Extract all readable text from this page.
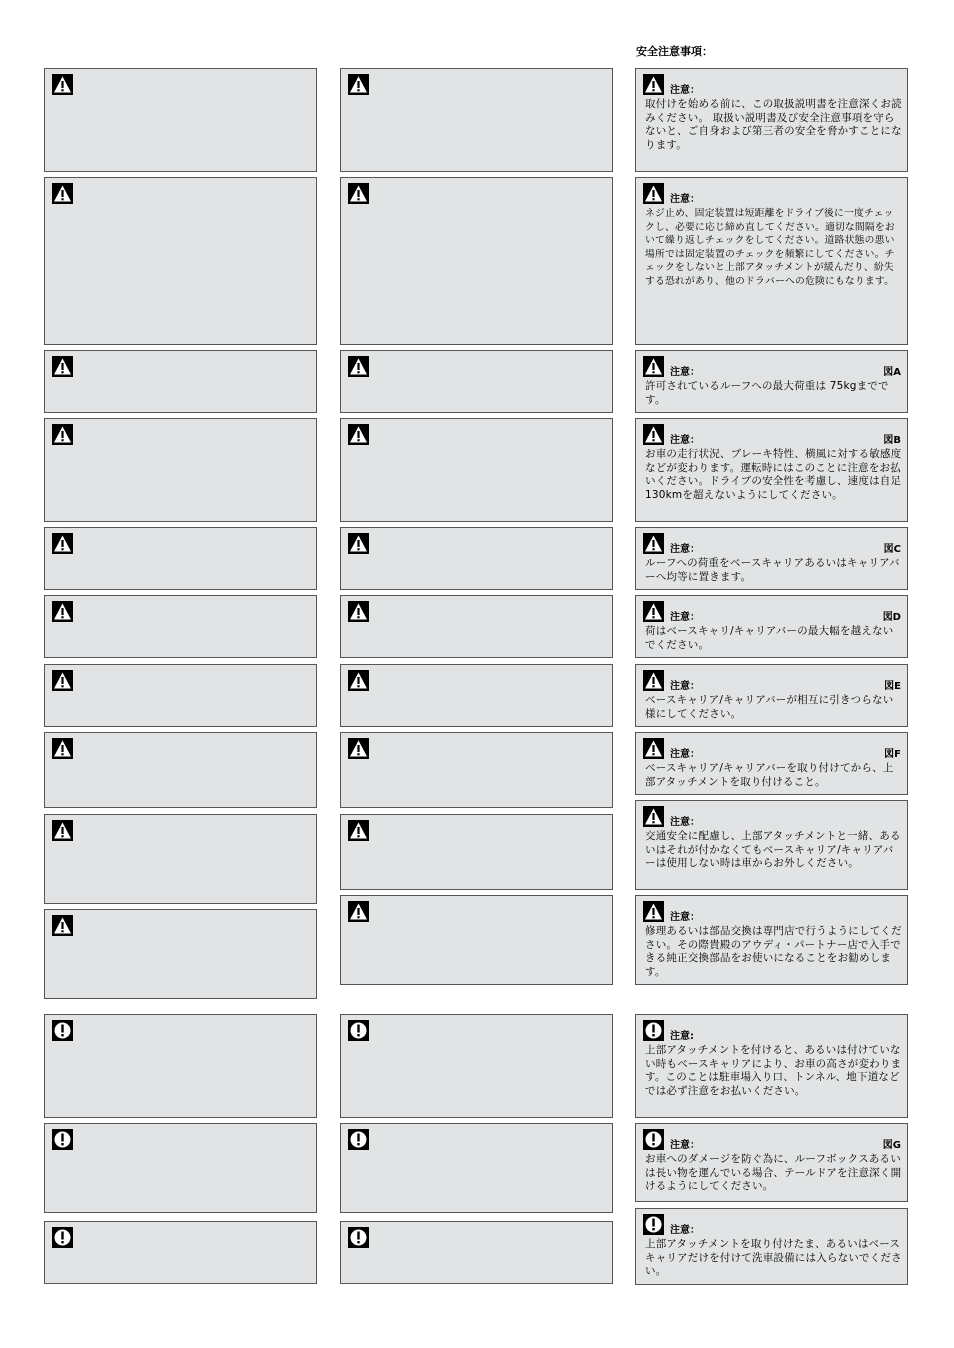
安全注意事項：
注意：
取付けを始める前に、この取扱説明書を注意深くお読みください。 取扱い説明書及び安全注意事項を守らないと、ご自身および第三者の安全を脅かすことになります。
注意：
ネジ止め、固定装置は短距離をドライブ後に一度チェックし、必要に応じ締め直してください。適切な間隔をおいて繰り返しチェックをしてください。道路状態の悪い場所では固定装置のチェックを頻繁にしてください。チェックをしないと上部アタッチメントが緩んだり、紛失する恐れがあり、他のドラバーへの危険にもなります。
注意：	図A
許可されているルーフへの最大荷重は 75kgまでです。
注意：	図B
お車の走行状況、ブレーキ特性、横風に対する敏感度などが変わります。運転時にはこのことに注意をお払いください。ドライブの安全性を考慮し、速度は自足130kmを超えないようにしてください。
注意：	図C
ルーフへの荷重をベースキャリアあるいはキャリアバーへ均等に置きます。
注意：	図D
荷はベースキャリ/キャリアバーの最大幅を越えないでください。
注意：	図E
ベースキャリア/キャリアバーが相互に引きつらない様にしてください。
注意：	図F
ベースキャリア/キャリアバーを取り付けてから、上部アタッチメントを取り付けること。
注意：
交通安全に配慮し、上部アタッチメントと一緒、あるいはそれが付かなくてもベースキャリア/キャリアバーは使用しない時は車からお外しください。
注意：
修理あるいは部品交換は専門店で行うようにしてください。その際貴殿のアウディ・パートナー店で入手できる純正交換部品をお使いになることをお勧めします。
注意:
上部アタッチメントを付けると、あるいは付けていない時もベースキャリアにより、お車の高さが変わります。このことは駐車場入り口、トンネル、地下道などでは必ず注意をお払いください。
注意：	図G
お車へのダメージを防ぐ為に、ルーフボックスあるいは長い物を運んでいる場合、テールドアを注意深く開けるようにしてください。
注意：
上部アタッチメントを取り付けたま、あるいはベースキャリアだけを付けて洗車設備には入らないでください。
